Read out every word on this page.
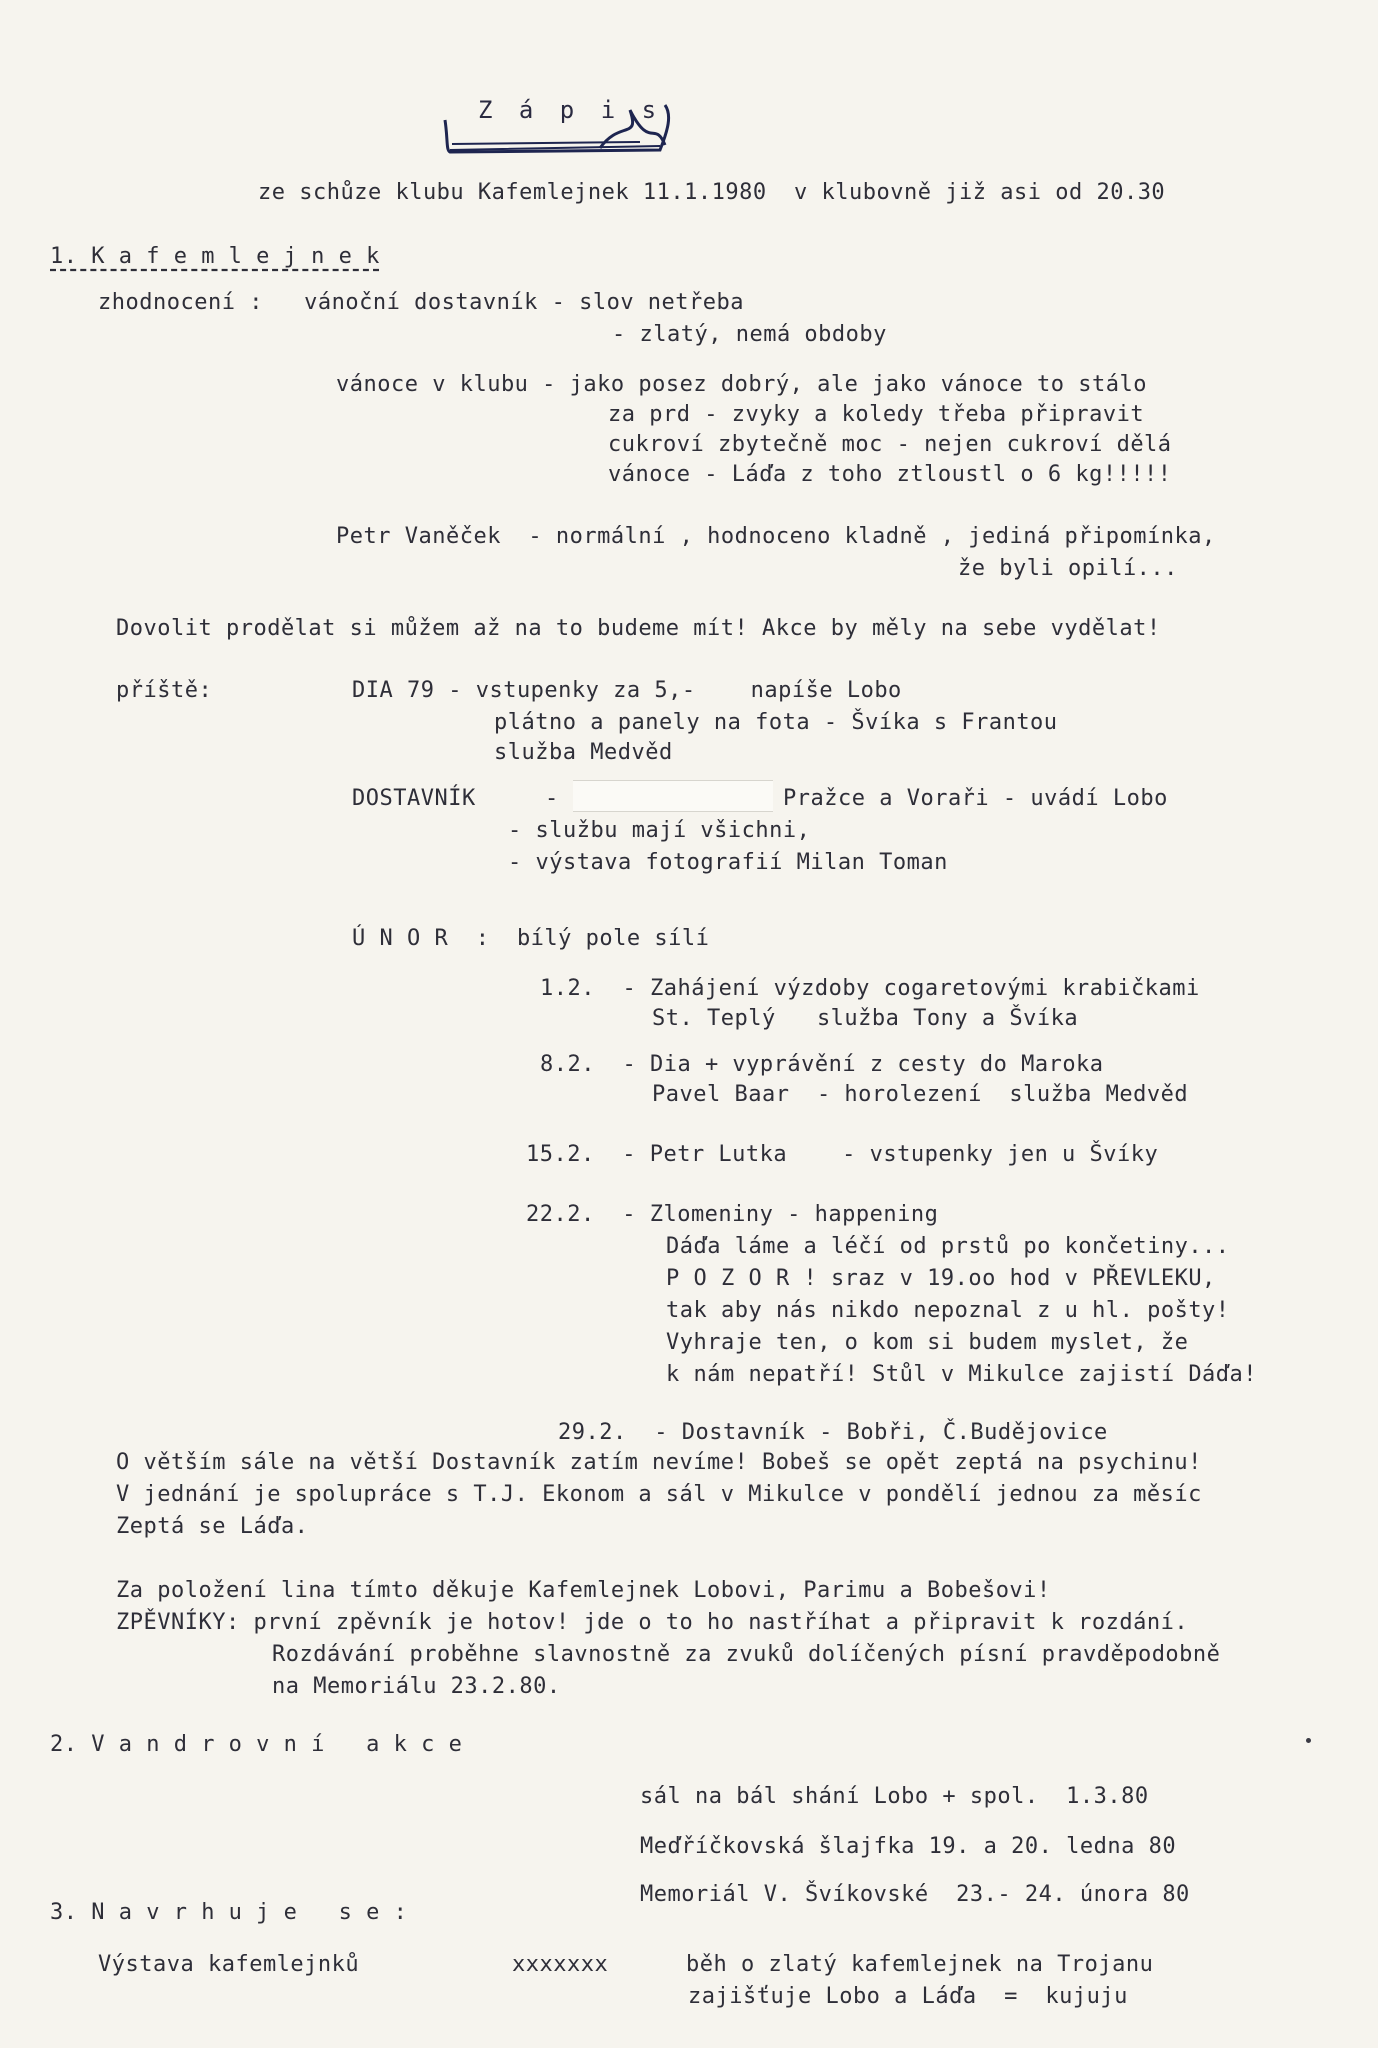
Z á p i s
ze schůze klubu Kafemlejnek 11.1.1980  v klubovně již asi od 20.30
1. K a f e m l e j n e k
zhodnocení :   vánoční dostavník - slov netřeba
- zlatý, nemá obdoby
vánoce v klubu - jako posez dobrý, ale jako vánoce to stálo
za prd - zvyky a koledy třeba připravit
cukroví zbytečně moc - nejen cukroví dělá
vánoce - Láďa z toho ztloustl o 6 kg!!!!!
Petr Vaněček  - normální , hodnoceno kladně , jediná připomínka,
že byli opilí...
Dovolit prodělat si můžem až na to budeme mít! Akce by měly na sebe vydělat!
příště:	DIA 79 - vstupenky za 5,-    napíše Lobo
plátno a panely na fota - Švíka s Frantou
služba Medvěd
DOSTAVNÍK	-	Pražce a Voraři - uvádí Lobo
- službu mají všichni,
- výstava fotografií Milan Toman
Ú N O R  :  bílý pole sílí
1.2.  - Zahájení výzdoby cogaretovými krabičkami
St. Teplý   služba Tony a Švíka
8.2.  - Dia + vyprávění z cesty do Maroka
Pavel Baar  - horolezení  služba Medvěd
15.2.  - Petr Lutka    - vstupenky jen u Švíky
22.2.  - Zlomeniny - happening
Dáďa láme a léčí od prstů po končetiny...
P O Z O R ! sraz v 19.oo hod v PŘEVLEKU,
tak aby nás nikdo nepoznal z u hl. pošty!
Vyhraje ten, o kom si budem myslet, že
k nám nepatří! Stůl v Mikulce zajistí Dáďa!
29.2.  - Dostavník - Bobři, Č.Budějovice
O větším sále na větší Dostavník zatím nevíme! Bobeš se opět zeptá na psychinu!
V jednání je spolupráce s T.J. Ekonom a sál v Mikulce v pondělí jednou za měsíc
Zeptá se Láďa.
Za položení lina tímto děkuje Kafemlejnek Lobovi, Parimu a Bobešovi!
ZPĚVNÍKY: první zpěvník je hotov! jde o to ho nastříhat a připravit k rozdání.
Rozdávání proběhne slavnostně za zvuků dolíčených písní pravděpodobně
na Memoriálu 23.2.80.
2. V a n d r o v n í   a k c e
sál na bál shání Lobo + spol.  1.3.80
Meďříčkovská šlajfka 19. a 20. ledna 80
Memoriál V. Švíkovské  23.- 24. února 80
3. N a v r h u j e   s e :
Výstava kafemlejnků	xxxxxxx	běh o zlatý kafemlejnek na Trojanu
zajišťuje Lobo a Láďa  =  kujuju
